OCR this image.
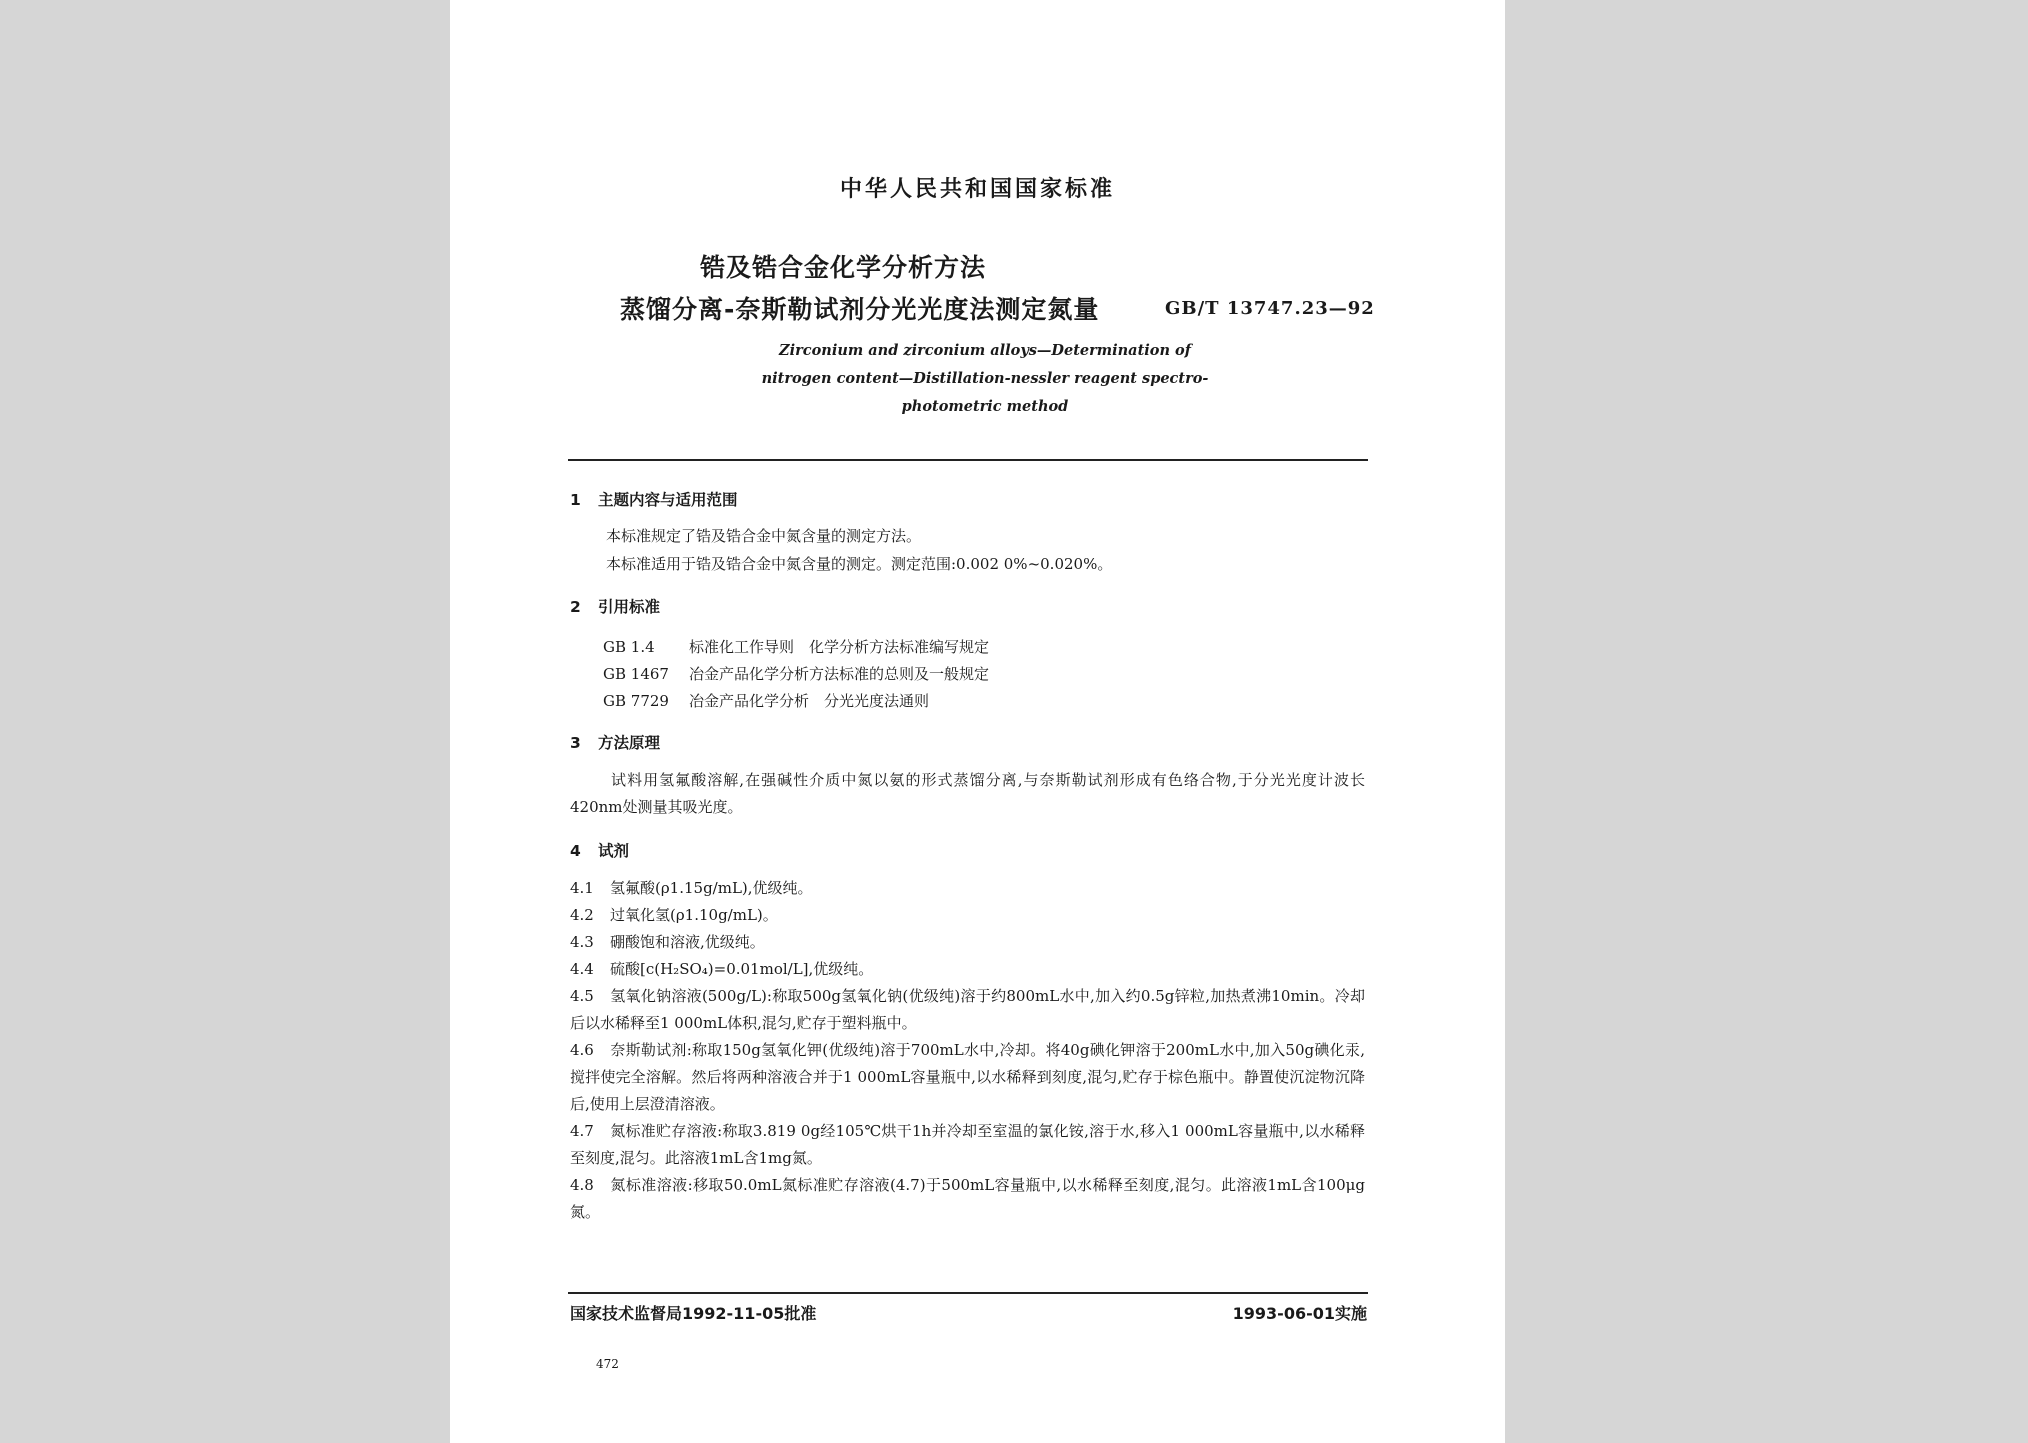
中华人民共和国国家标准
锆及锆合金化学分析方法
蒸馏分离-奈斯勒试剂分光光度法测定氮量	GB/T 13747.23—92
Zirconium and zirconium alloys—Determination of
nitrogen content—Distillation-nessler reagent spectro-
photometric method
1 主题内容与适用范围
本标准规定了锆及锆合金中氮含量的测定方法。
本标准适用于锆及锆合金中氮含量的测定。测定范围:0.002 0%~0.020%。
2 引用标准
GB 1.4 标准化工作导则　化学分析方法标准编写规定
GB 1467 冶金产品化学分析方法标准的总则及一般规定
GB 7729 冶金产品化学分析　分光光度法通则
3 方法原理
试料用氢氟酸溶解,在强碱性介质中氮以氨的形式蒸馏分离,与奈斯勒试剂形成有色络合物,于分光光度计波长420nm处测量其吸光度。
4 试剂
4.1 氢氟酸(ρ1.15g/mL),优级纯。
4.2 过氧化氢(ρ1.10g/mL)。
4.3 硼酸饱和溶液,优级纯。
4.4 硫酸[c(H₂SO₄)=0.01mol/L],优级纯。
4.5 氢氧化钠溶液(500g/L):称取500g氢氧化钠(优级纯)溶于约800mL水中,加入约0.5g锌粒,加热煮沸10min。冷却后以水稀释至1 000mL体积,混匀,贮存于塑料瓶中。
4.6 奈斯勒试剂:称取150g氢氧化钾(优级纯)溶于700mL水中,冷却。将40g碘化钾溶于200mL水中,加入50g碘化汞,搅拌使完全溶解。然后将两种溶液合并于1 000mL容量瓶中,以水稀释到刻度,混匀,贮存于棕色瓶中。静置使沉淀物沉降后,使用上层澄清溶液。
4.7 氮标准贮存溶液:称取3.819 0g经105℃烘干1h并冷却至室温的氯化铵,溶于水,移入1 000mL容量瓶中,以水稀释至刻度,混匀。此溶液1mL含1mg氮。
4.8 氮标准溶液:移取50.0mL氮标准贮存溶液(4.7)于500mL容量瓶中,以水稀释至刻度,混匀。此溶液1mL含100μg氮。
国家技术监督局1992-11-05批准	1993-06-01实施
472
